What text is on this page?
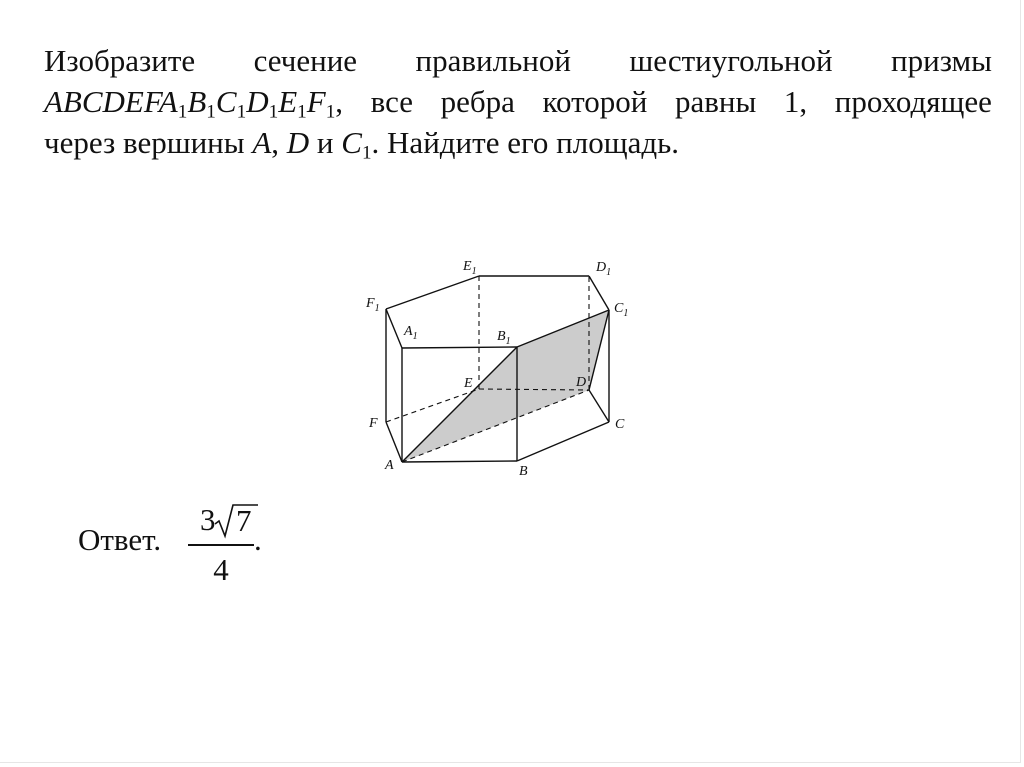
Изобразите сечение правильной шестиугольной призмы
$ABCDEFA_1B_1C_1D_1E_1F_1$, все ребра которой равны 1, проходящее
через вершины A, D и $C_1$. Найдите его площадь.
$E_1$	$D_1$
$C_1$
$F_1$
$A_1$	$B_1$
E	D
F	C
A	B
Ответ.
3 7
4
.
